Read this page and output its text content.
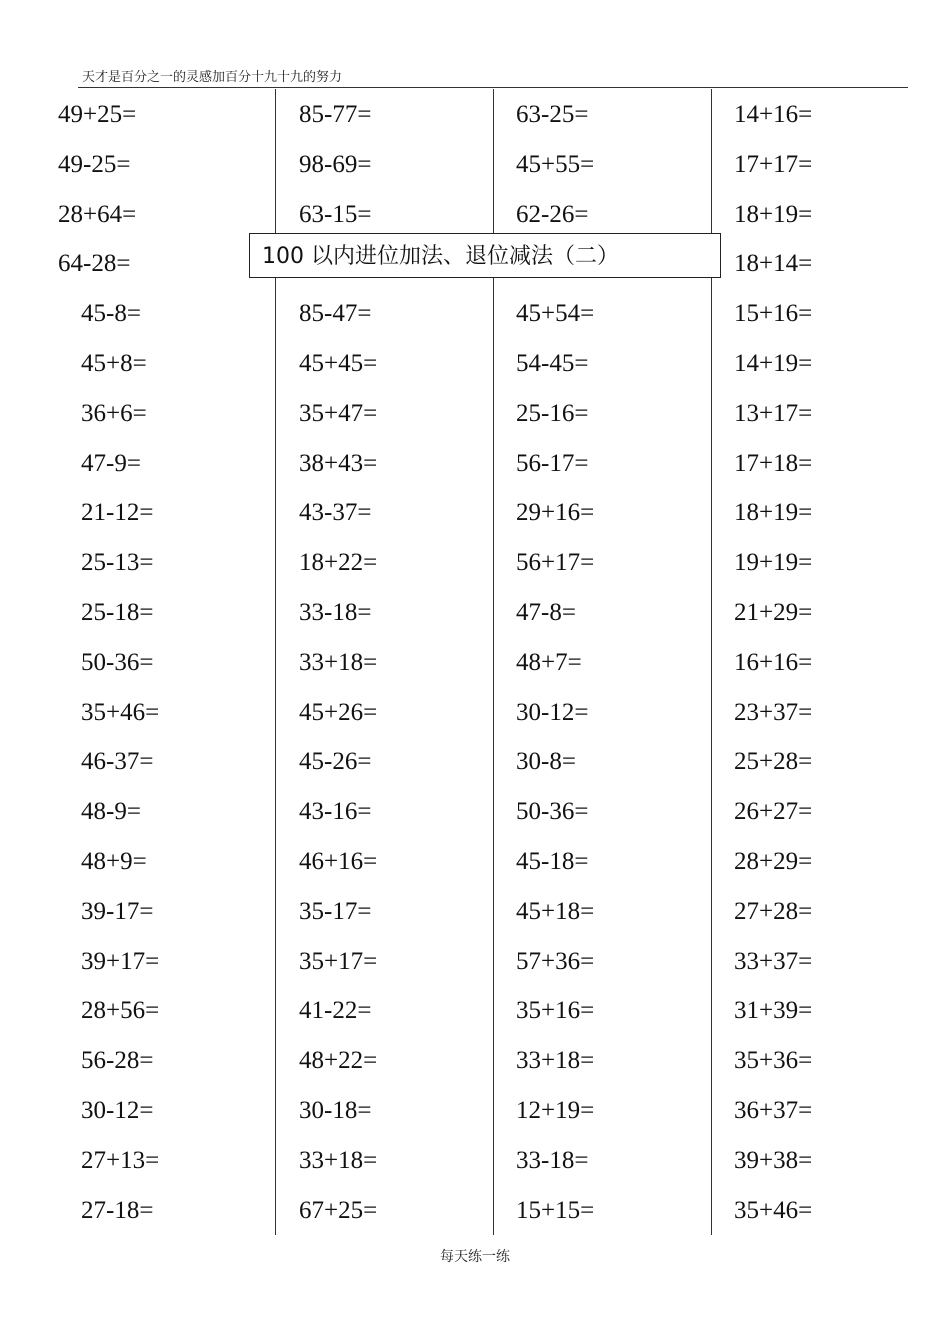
天才是百分之一的灵感加百分十九十九的努力
49+25=
49-25=
28+64=
64-28=
45-8=
45+8=
36+6=
47-9=
21-12=
25-13=
25-18=
50-36=
35+46=
46-37=
48-9=
48+9=
39-17=
39+17=
28+56=
56-28=
30-12=
27+13=
27-18=
85-77=
98-69=
63-15=
85-47=
45+45=
35+47=
38+43=
43-37=
18+22=
33-18=
33+18=
45+26=
45-26=
43-16=
46+16=
35-17=
35+17=
41-22=
48+22=
30-18=
33+18=
67+25=
63-25=
45+55=
62-26=
45+54=
54-45=
25-16=
56-17=
29+16=
56+17=
47-8=
48+7=
30-12=
30-8=
50-36=
45-18=
45+18=
57+36=
35+16=
33+18=
12+19=
33-18=
15+15=
14+16=
17+17=
18+19=
18+14=
15+16=
14+19=
13+17=
17+18=
18+19=
19+19=
21+29=
16+16=
23+37=
25+28=
26+27=
28+29=
27+28=
33+37=
31+39=
35+36=
36+37=
39+38=
35+46=
100 以内进位加法、退位减法（二）
每天练一练
